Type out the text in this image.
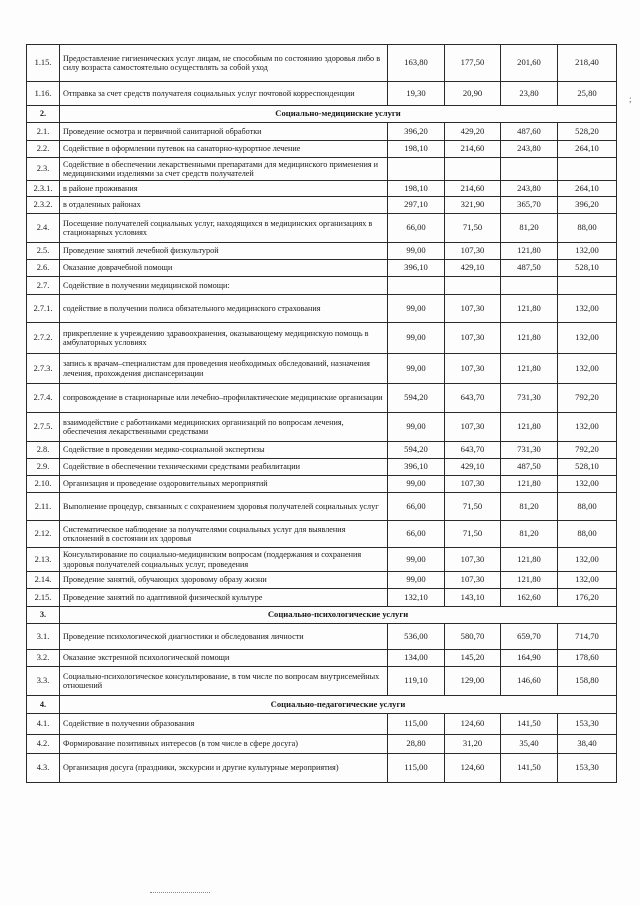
1.15.	Предоставление гигиенических услуг лицам, не способным по состоянию здоровья либо в силу возраста самостоятельно осуществлять за собой уход	163,80	177,50	201,60	218,40
1.16.	Отправка за счет средств получателя социальных услуг почтовой корреспонденции	19,30	20,90	23,80	25,80
2.	Социально-медицинские услуги				
2.1.	Проведение осмотра и первичной санитарной обработки	396,20	429,20	487,60	528,20
2.2.	Содействие в оформлении путевок на санаторно-курортное лечение	198,10	214,60	243,80	264,10
2.3.	Содействие в обеспечении лекарственными препаратами для медицинского применения и медицинскими изделиями за счет средств получателей				
2.3.1.	в районе проживания	198,10	214,60	243,80	264,10
2.3.2.	в отдаленных районах	297,10	321,90	365,70	396,20
2.4.	Посещение получателей социальных услуг, находящихся в медицинских организациях в стационарных условиях	66,00	71,50	81,20	88,00
2.5.	Проведение занятий лечебной физкультурой	99,00	107,30	121,80	132,00
2.6.	Оказание доврачебной помощи	396,10	429,10	487,50	528,10
2.7.	Содействие в получении медицинской помощи:				
2.7.1.	содействие в получении полиса обязательного медицинского страхования	99,00	107,30	121,80	132,00
2.7.2.	прикрепление к учреждению здравоохранения, оказывающему медицинскую помощь в амбулаторных условиях	99,00	107,30	121,80	132,00
2.7.3.	запись к врачам–специалистам для проведения необходимых обследований, назначения лечения, прохождения диспансеризации	99,00	107,30	121,80	132,00
2.7.4.	сопровождение в стационарные или лечебно–профилактические медицинские организации	594,20	643,70	731,30	792,20
2.7.5.	взаимодействие с работниками медицинских организаций по вопросам лечения, обеспечения лекарственными средствами	99,00	107,30	121,80	132,00
2.8.	Содействие в проведении медико-социальной экспертизы	594,20	643,70	731,30	792,20
2.9.	Содействие в обеспечении техническими средствами реабилитации	396,10	429,10	487,50	528,10
2.10.	Организация и проведение оздоровительных мероприятий	99,00	107,30	121,80	132,00
2.11.	Выполнение процедур, связанных с сохранением здоровья получателей социальных услуг	66,00	71,50	81,20	88,00
2.12.	Систематическое наблюдение за получателями социальных услуг для выявления отклонений в состоянии их здоровья	66,00	71,50	81,20	88,00
2.13.	Консультирование по социально-медицинским вопросам (поддержания и сохранения здоровья получателей социальных услуг, проведения	99,00	107,30	121,80	132,00
2.14.	Проведение занятий, обучающих здоровому образу жизни	99,00	107,30	121,80	132,00
2.15.	Проведение занятий по адаптивной физической культуре	132,10	143,10	162,60	176,20
3.	Социально-психологические услуги				
3.1.	Проведение психологической диагностики и обследования личности	536,00	580,70	659,70	714,70
3.2.	Оказание экстренной психологической помощи	134,00	145,20	164,90	178,60
3.3.	Социально-психологическое консультирование, в том числе по вопросам внутрисемейных отношений	119,10	129,00	146,60	158,80
4.	Социально-педагогические услуги				
4.1.	Содействие в получении образования	115,00	124,60	141,50	153,30
4.2.	Формирование позитивных интересов (в том числе в сфере досуга)	28,80	31,20	35,40	38,40
4.3.	Организация досуга (праздники, экскурсии и другие культурные мероприятия)	115,00	124,60	141,50	153,30
;
